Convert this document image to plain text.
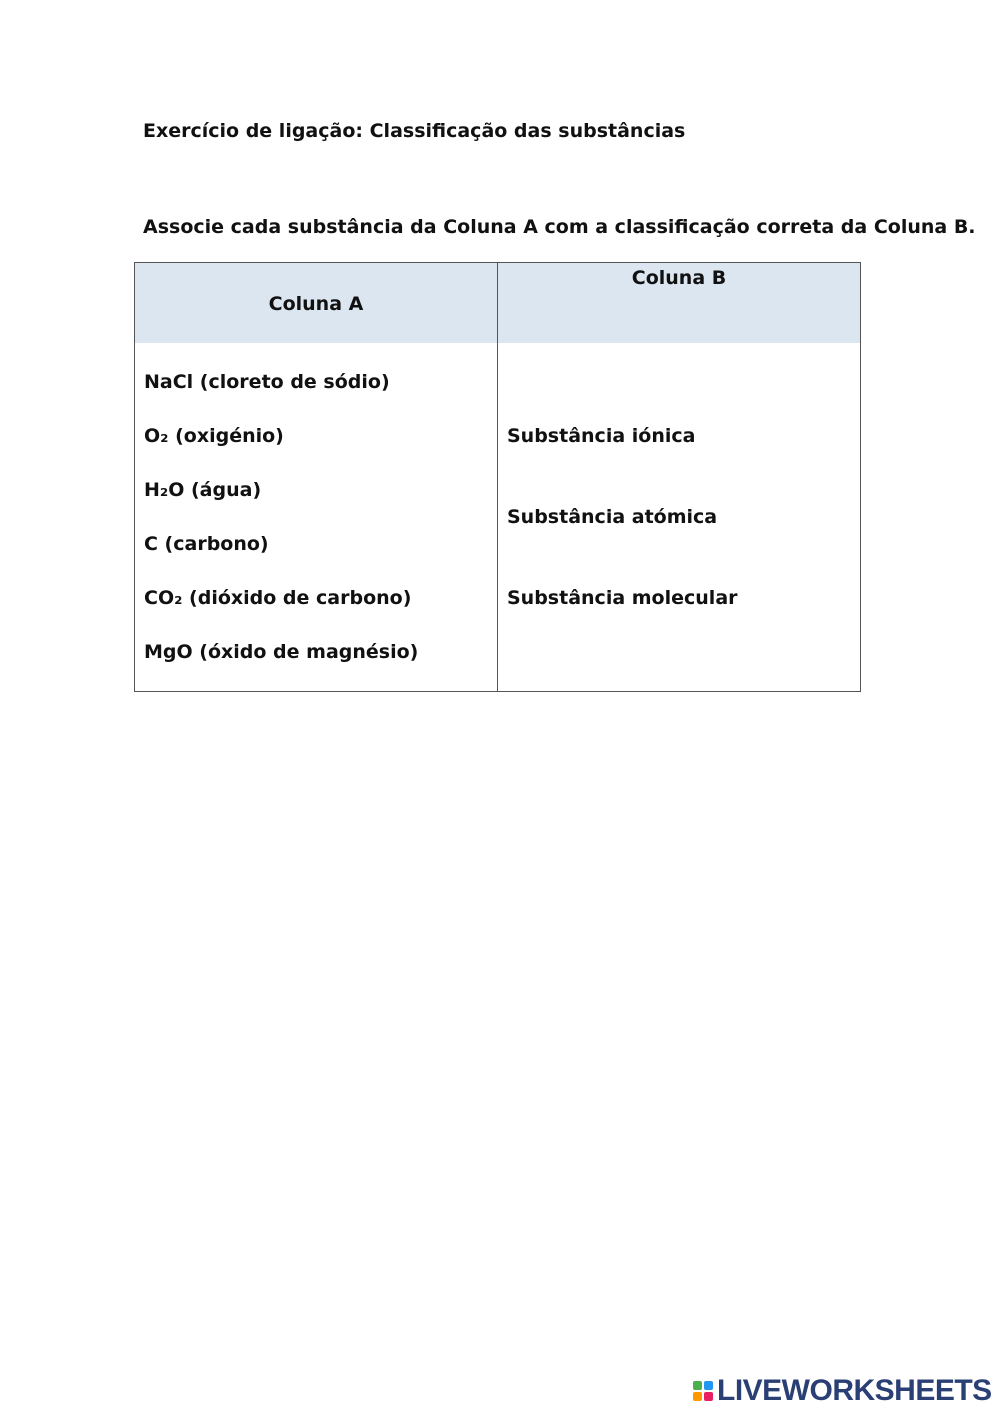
Exercício de ligação: Classificação das substâncias
Associe cada substância da Coluna A com a classificação correta da Coluna B.
Coluna A
Coluna B
NaCl (cloreto de sódio)
O₂ (oxigénio)
H₂O (água)
C (carbono)
CO₂ (dióxido de carbono)
MgO (óxido de magnésio)
Substância iónica
Substância atómica
Substância molecular
LIVEWORKSHEETS
